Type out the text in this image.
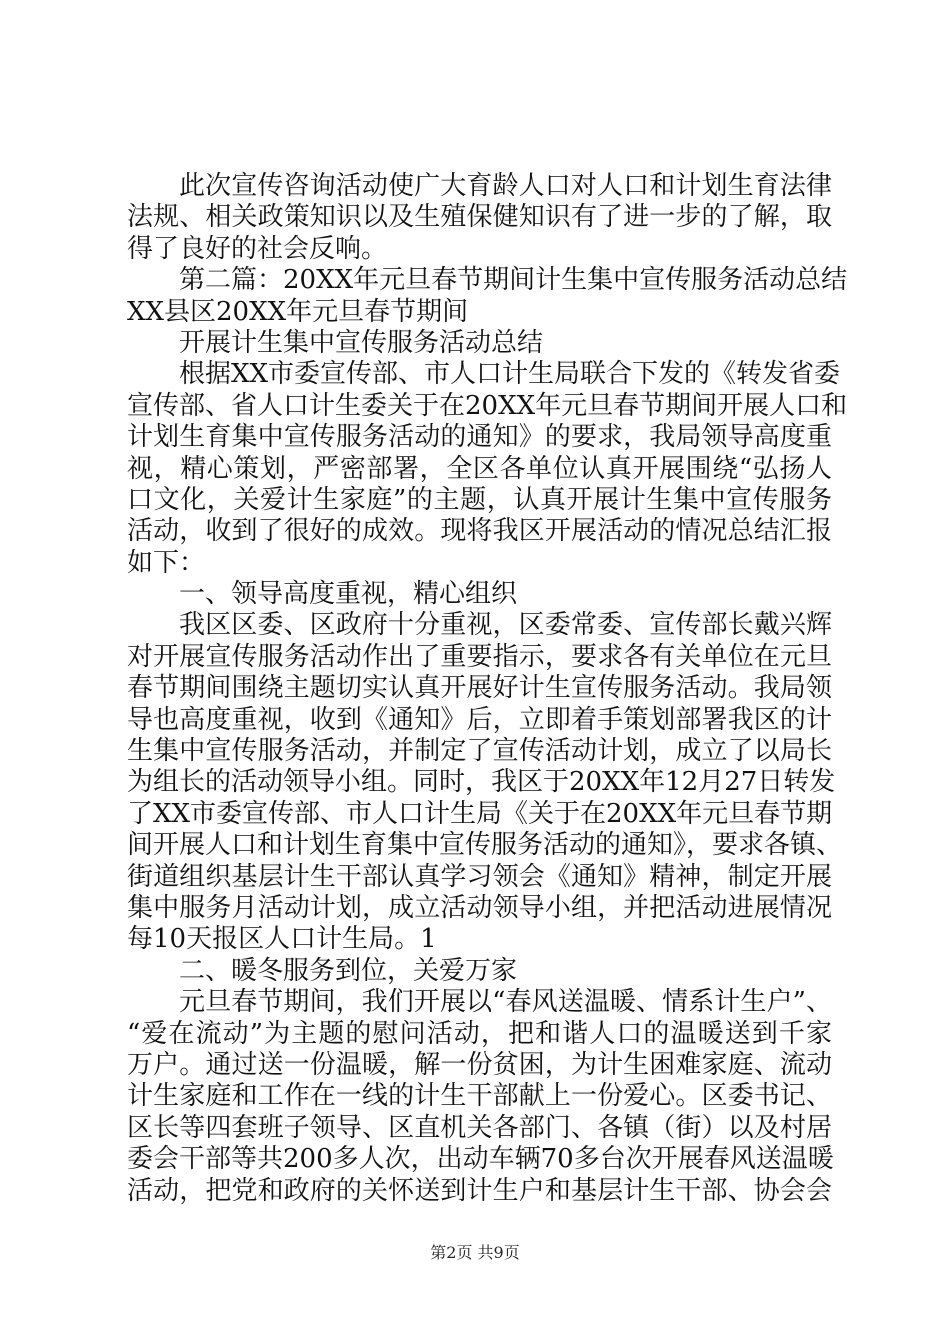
此次宣传咨询活动使广大育龄人口对人口和计划生育法律
法规、相关政策知识以及生殖保健知识有了进一步的了解，取
得了良好的社会反响。
第二篇：20XX年元旦春节期间计生集中宣传服务活动总结
XX县区20XX年元旦春节期间
开展计生集中宣传服务活动总结
根据XX市委宣传部、市人口计生局联合下发的《转发省委
宣传部、省人口计生委关于在20XX年元旦春节期间开展人口和
计划生育集中宣传服务活动的通知》的要求，我局领导高度重
视，精心策划，严密部署，全区各单位认真开展围绕“弘扬人
口文化，关爱计生家庭”的主题，认真开展计生集中宣传服务
活动，收到了很好的成效。现将我区开展活动的情况总结汇报
如下：
一、领导高度重视，精心组织
我区区委、区政府十分重视，区委常委、宣传部长戴兴辉
对开展宣传服务活动作出了重要指示，要求各有关单位在元旦
春节期间围绕主题切实认真开展好计生宣传服务活动。我局领
导也高度重视，收到《通知》后，立即着手策划部署我区的计
生集中宣传服务活动，并制定了宣传活动计划，成立了以局长
为组长的活动领导小组。同时，我区于20XX年12月27日转发
了XX市委宣传部、市人口计生局《关于在20XX年元旦春节期
间开展人口和计划生育集中宣传服务活动的通知》，要求各镇、
街道组织基层计生干部认真学习领会《通知》精神，制定开展
集中服务月活动计划，成立活动领导小组，并把活动进展情况
每10天报区人口计生局。1
二、暖冬服务到位，关爱万家
元旦春节期间，我们开展以“春风送温暖、情系计生户”、
“爱在流动”为主题的慰问活动，把和谐人口的温暖送到千家
万户。通过送一份温暖，解一份贫困，为计生困难家庭、流动
计生家庭和工作在一线的计生干部献上一份爱心。区委书记、
区长等四套班子领导、区直机关各部门、各镇（街）以及村居
委会干部等共200多人次，出动车辆70多台次开展春风送温暖
活动，把党和政府的关怀送到计生户和基层计生干部、协会会
第2页 共9页
